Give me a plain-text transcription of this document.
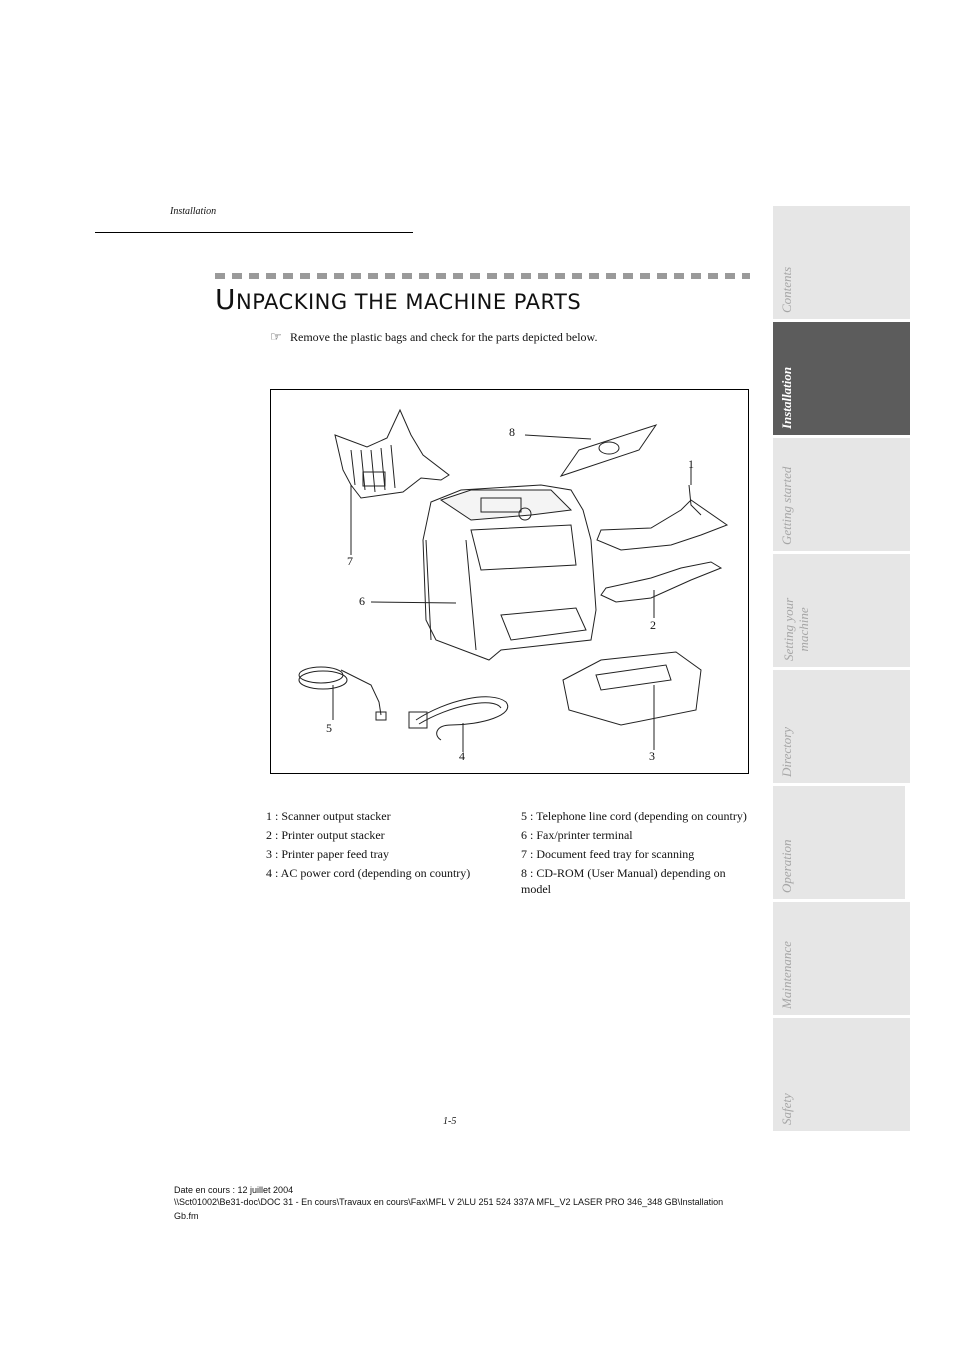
Installation
UNPACKING THE MACHINE PARTS
☞ Remove the plastic bags and check for the parts depicted below.
8
1
7
6
2
5
4	3
1 : Scanner output stacker
2 : Printer output stacker
3 : Printer paper feed tray
4 : AC power cord (depending on country)
5 : Telephone line cord (depending on country)
6 : Fax/printer terminal
7 : Document feed tray for scanning
8 : CD-ROM (User Manual) depending on model
1-5
Date en cours : 12 juillet 2004
\\Sct01002\Be31-doc\DOC 31 - En cours\Travaux en cours\Fax\MFL V 2\LU 251 524 337A MFL_V2 LASER PRO 346_348 GB\Installation
Gb.fm
Contents
Installation
Getting started
Setting your
machine
Directory
Operation
Maintenance
Safety
